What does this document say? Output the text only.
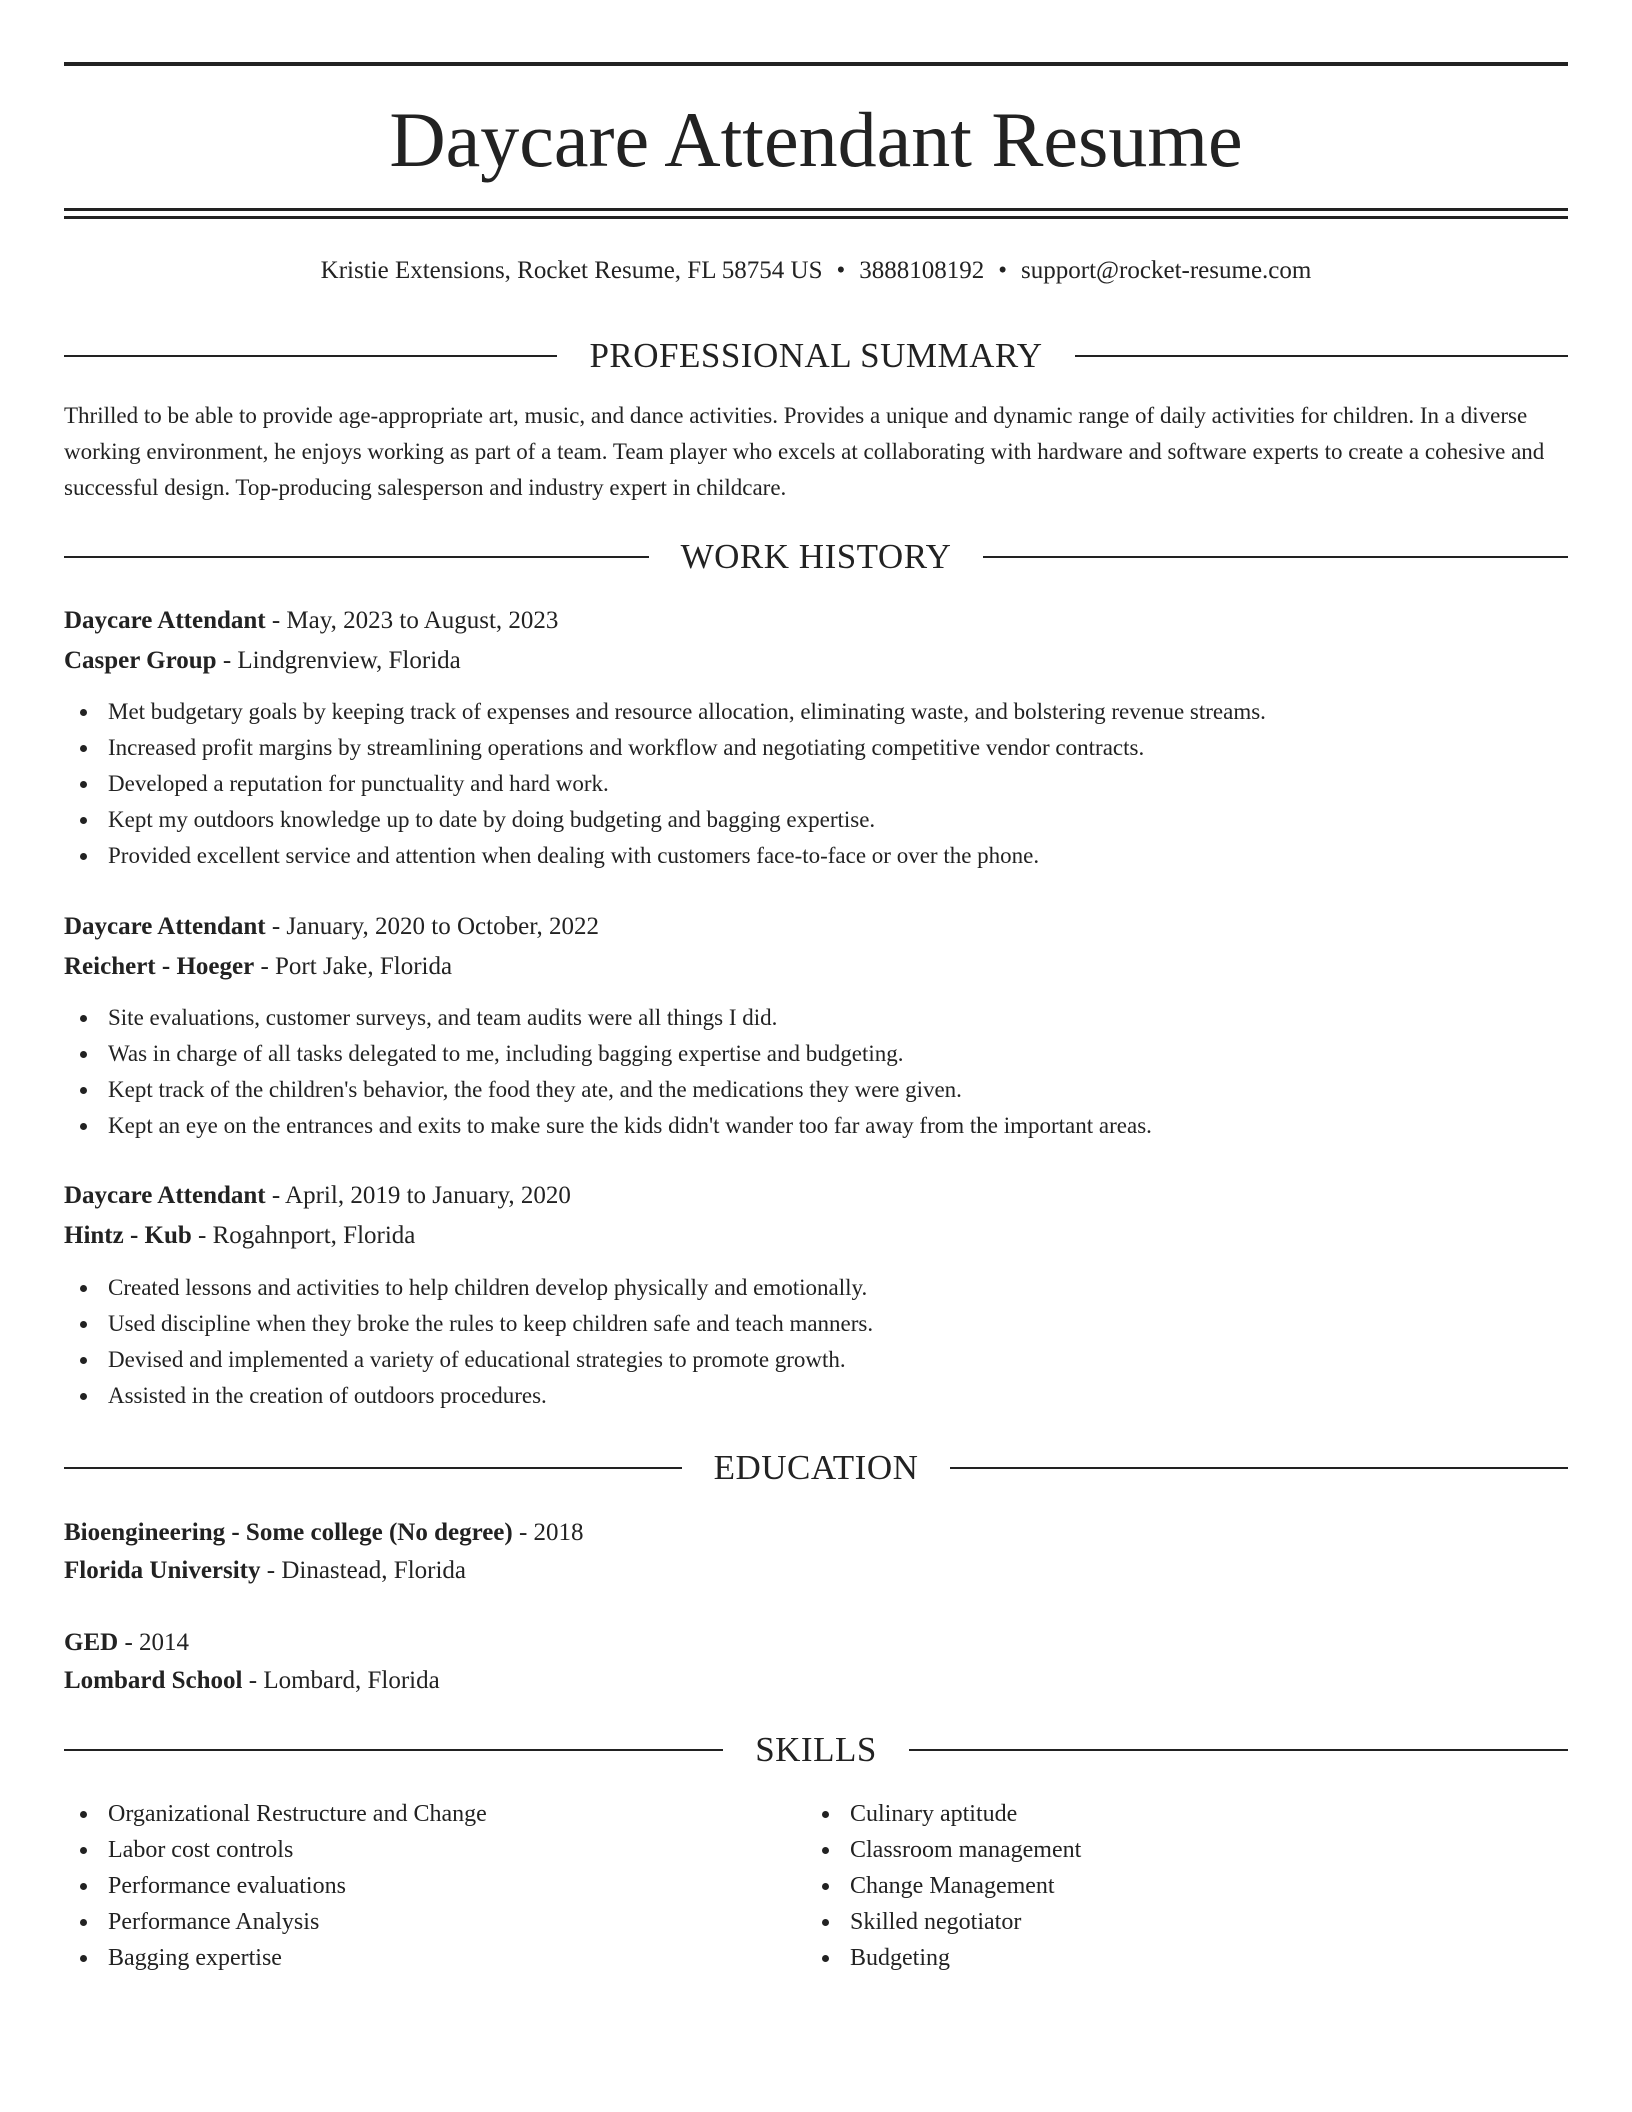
Daycare Attendant Resume
Kristie Extensions, Rocket Resume, FL 58754 US • 3888108192 • support@rocket-resume.com
PROFESSIONAL SUMMARY
Thrilled to be able to provide age-appropriate art, music, and dance activities. Provides a unique and dynamic range of daily activities for children. In a diverse working environment, he enjoys working as part of a team. Team player who excels at collaborating with hardware and software experts to create a cohesive and successful design. Top-producing salesperson and industry expert in childcare.
WORK HISTORY
Daycare Attendant - May, 2023 to August, 2023
Casper Group - Lindgrenview, Florida
Met budgetary goals by keeping track of expenses and resource allocation, eliminating waste, and bolstering revenue streams.
Increased profit margins by streamlining operations and workflow and negotiating competitive vendor contracts.
Developed a reputation for punctuality and hard work.
Kept my outdoors knowledge up to date by doing budgeting and bagging expertise.
Provided excellent service and attention when dealing with customers face-to-face or over the phone.
Daycare Attendant - January, 2020 to October, 2022
Reichert - Hoeger - Port Jake, Florida
Site evaluations, customer surveys, and team audits were all things I did.
Was in charge of all tasks delegated to me, including bagging expertise and budgeting.
Kept track of the children's behavior, the food they ate, and the medications they were given.
Kept an eye on the entrances and exits to make sure the kids didn't wander too far away from the important areas.
Daycare Attendant - April, 2019 to January, 2020
Hintz - Kub - Rogahnport, Florida
Created lessons and activities to help children develop physically and emotionally.
Used discipline when they broke the rules to keep children safe and teach manners.
Devised and implemented a variety of educational strategies to promote growth.
Assisted in the creation of outdoors procedures.
EDUCATION
Bioengineering - Some college (No degree) - 2018
Florida University - Dinastead, Florida
GED - 2014
Lombard School - Lombard, Florida
SKILLS
Organizational Restructure and Change
Labor cost controls
Performance evaluations
Performance Analysis
Bagging expertise
Culinary aptitude
Classroom management
Change Management
Skilled negotiator
Budgeting
